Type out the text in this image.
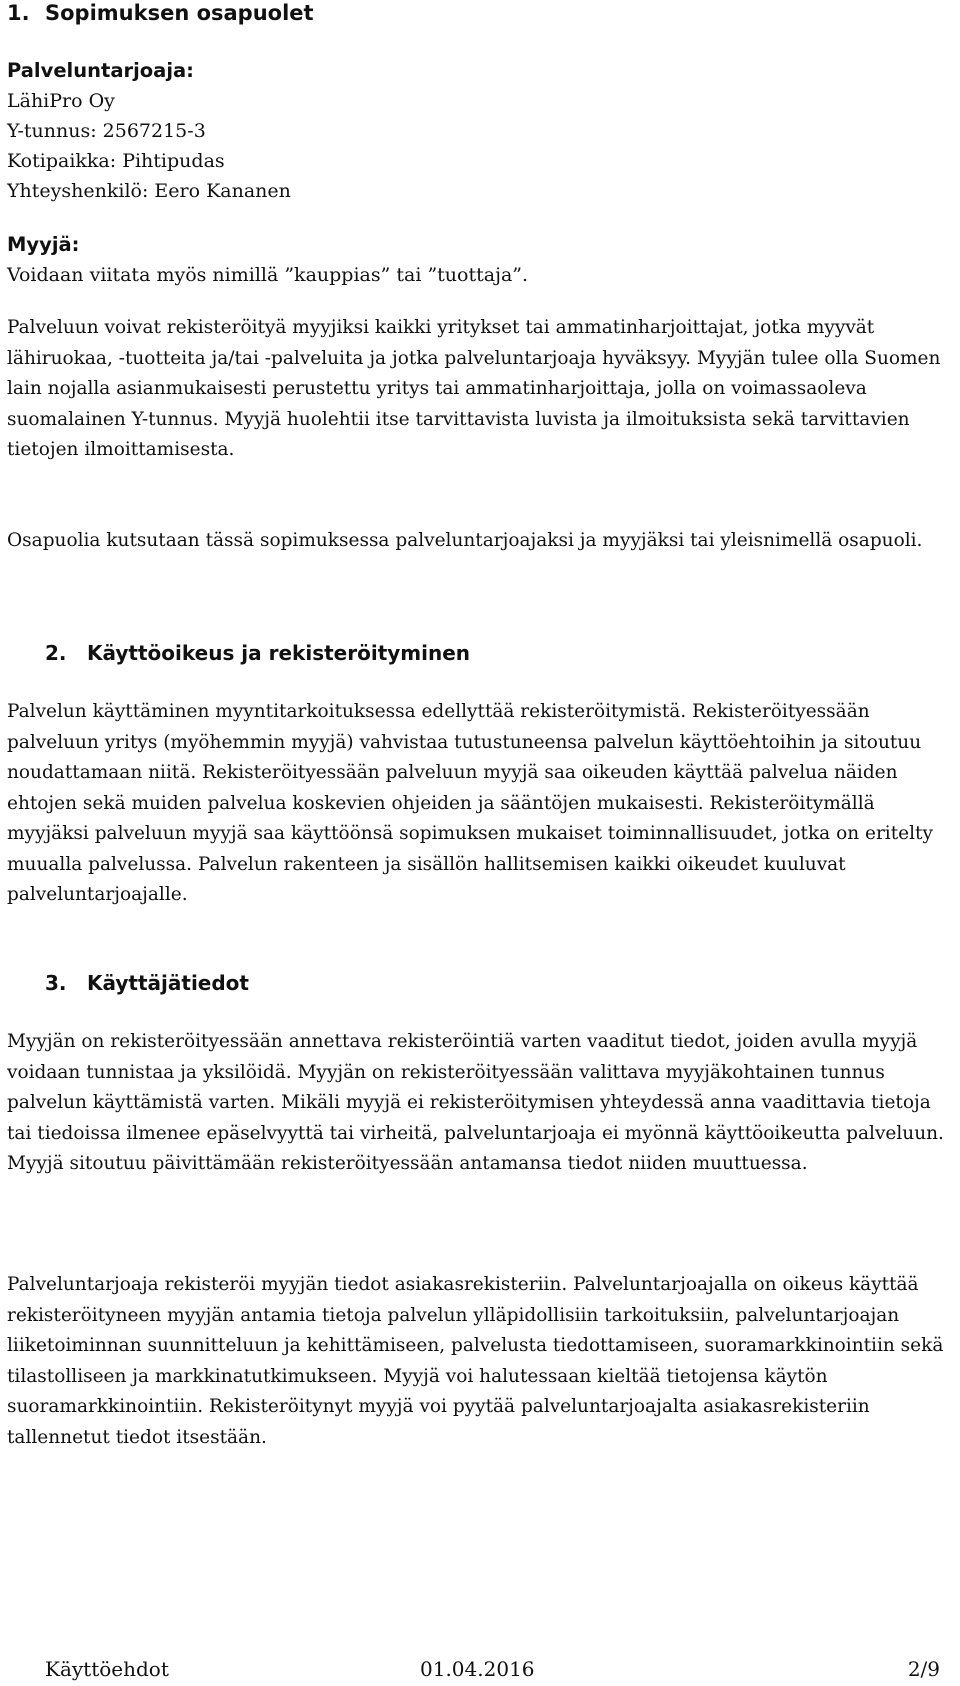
1. Sopimuksen osapuolet
Palveluntarjoaja:
LähiPro Oy
Y-tunnus: 2567215-3
Kotipaikka: Pihtipudas
Yhteyshenkilö: Eero Kananen
Myyjä:
Voidaan viitata myös nimillä ”kauppias” tai ”tuottaja”.

Palveluun voivat rekisteröityä myyjiksi kaikki yritykset tai ammatinharjoittajat, jotka myyvät lähiruokaa, -tuotteita ja/tai -palveluita ja jotka palveluntarjoaja hyväksyy. Myyjän tulee olla Suomen lain nojalla asianmukaisesti perustettu yritys tai ammatinharjoittaja, jolla on voimassaoleva suomalainen Y-tunnus. Myyjä huolehtii itse tarvittavista luvista ja ilmoituksista sekä tarvittavien tietojen ilmoittamisesta.

Osapuolia kutsutaan tässä sopimuksessa palveluntarjoajaksi ja myyjäksi tai yleisnimellä osapuoli.

2. Käyttöoikeus ja rekisteröityminen

Palvelun käyttäminen myyntitarkoituksessa edellyttää rekisteröitymistä. Rekisteröityessään palveluun yritys (myöhemmin myyjä) vahvistaa tutustuneensa palvelun käyttöehtoihin ja sitoutuu noudattamaan niitä. Rekisteröityessään palveluun myyjä saa oikeuden käyttää palvelua näiden ehtojen sekä muiden palvelua koskevien ohjeiden ja sääntöjen mukaisesti. Rekisteröitymällä myyjäksi palveluun myyjä saa käyttöönsä sopimuksen mukaiset toiminnallisuudet, jotka on eritelty muualla palvelussa. Palvelun rakenteen ja sisällön hallitsemisen kaikki oikeudet kuuluvat palveluntarjoajalle.

3. Käyttäjätiedot

Myyjän on rekisteröityessään annettava rekisteröintiä varten vaaditut tiedot, joiden avulla myyjä voidaan tunnistaa ja yksilöidä. Myyjän on rekisteröityessään valittava myyjäkohtainen tunnus palvelun käyttämistä varten. Mikäli myyjä ei rekisteröitymisen yhteydessä anna vaadittavia tietoja tai tiedoissa ilmenee epäselvyyttä tai virheitä, palveluntarjoaja ei myönnä käyttöoikeutta palveluun. Myyjä sitoutuu päivittämään rekisteröityessään antamansa tiedot niiden muuttuessa.

Palveluntarjoaja rekisteröi myyjän tiedot asiakasrekisteriin. Palveluntarjoajalla on oikeus käyttää rekisteröityneen myyjän antamia tietoja palvelun ylläpidollisiin tarkoituksiin, palveluntarjoajan liiketoiminnan suunnitteluun ja kehittämiseen, palvelusta tiedottamiseen, suoramarkkinointiin sekä tilastolliseen ja markkinatutkimukseen. Myyjä voi halutessaan kieltää tietojensa käytön suoramarkkinointiin. Rekisteröitynyt myyjä voi pyytää palveluntarjoajalta asiakasrekisteriin tallennetut tiedot itsestään.

Käyttöehdot	01.04.2016	2/9
